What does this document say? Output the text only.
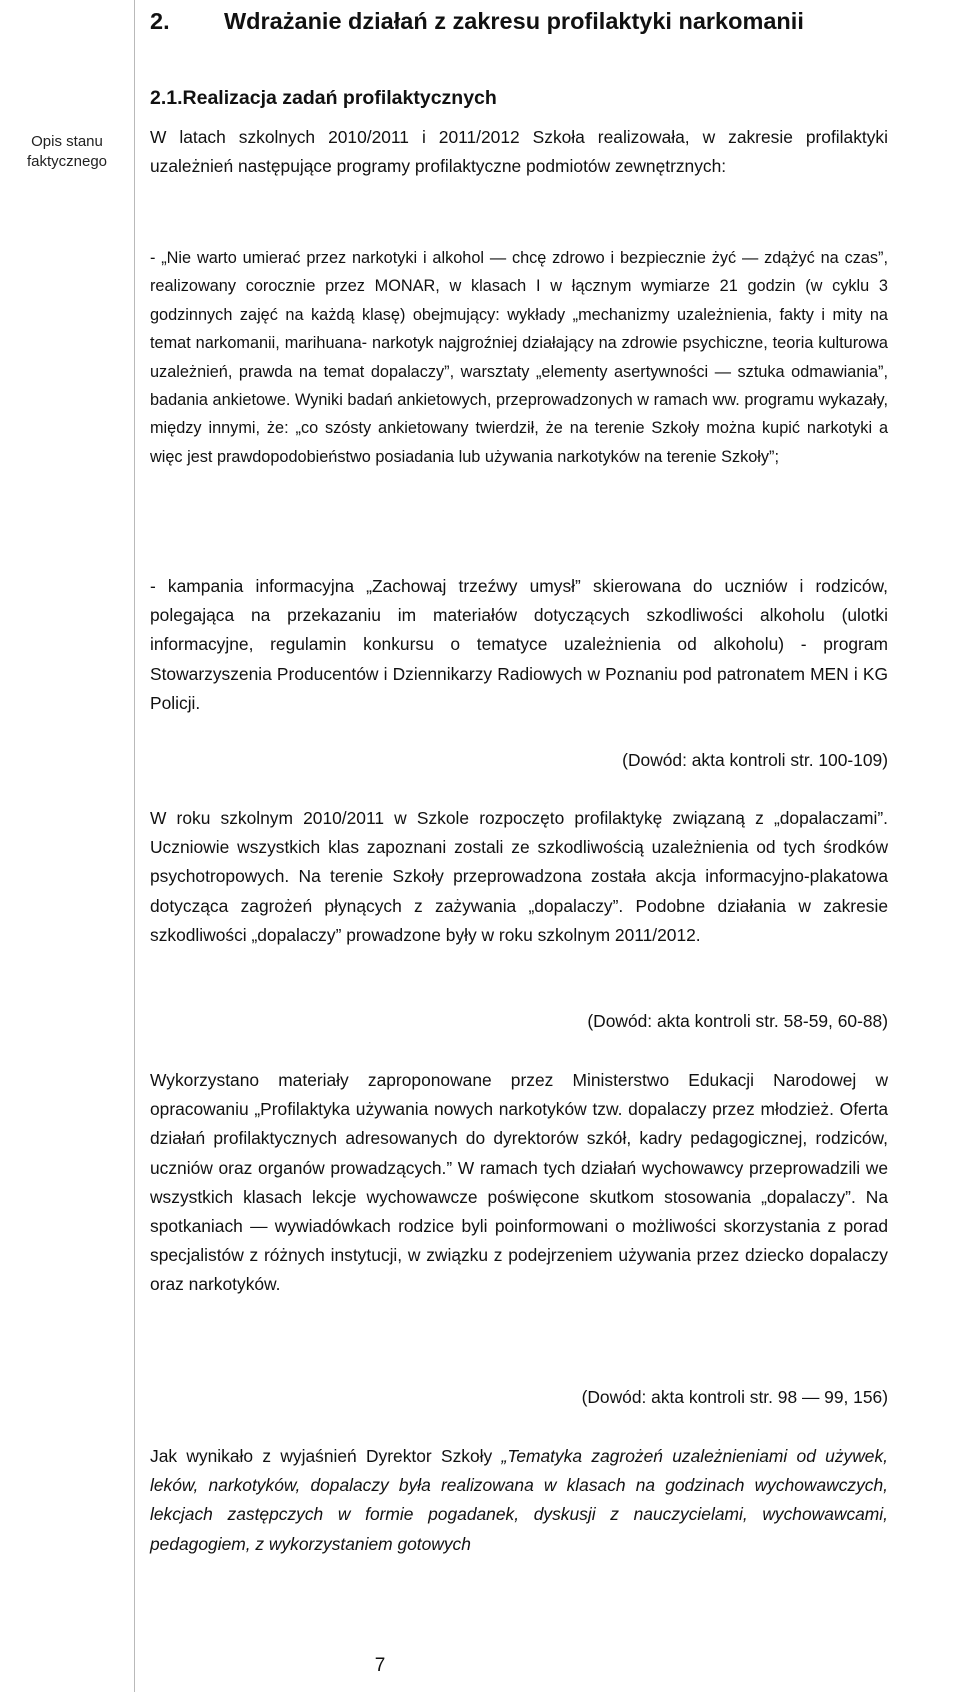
Opis stanu faktycznego
2. Wdrażanie działań z zakresu profilaktyki narkomanii
2.1.Realizacja zadań profilaktycznych

W latach szkolnych 2010/2011 i 2011/2012 Szkoła realizowała, w zakresie profilaktyki uzależnień następujące programy profilaktyczne podmiotów zewnętrznych:

- „Nie warto umierać przez narkotyki i alkohol — chcę zdrowo i bezpiecznie żyć — zdążyć na czas”, realizowany corocznie przez MONAR, w klasach I w łącznym wymiarze 21 godzin (w cyklu 3 godzinnych zajęć na każdą klasę) obejmujący: wykłady „mechanizmy uzależnienia, fakty i mity na temat narkomanii, marihuana- narkotyk najgroźniej działający na zdrowie psychiczne, teoria kulturowa uzależnień, prawda na temat dopalaczy”, warsztaty „elementy asertywności — sztuka odmawiania”, badania ankietowe. Wyniki badań ankietowych, przeprowadzonych w ramach ww. programu wykazały, między innymi, że: „co szósty ankietowany twierdził, że na terenie Szkoły można kupić narkotyki a więc jest prawdopodobieństwo posiadania lub używania narkotyków na terenie Szkoły”;

- kampania informacyjna „Zachowaj trzeźwy umysł” skierowana do uczniów i rodziców, polegająca na przekazaniu im materiałów dotyczących szkodliwości alkoholu (ulotki informacyjne, regulamin konkursu o tematyce uzależnienia od alkoholu) - program Stowarzyszenia Producentów i Dziennikarzy Radiowych w Poznaniu pod patronatem MEN i KG Policji.

(Dowód: akta kontroli str. 100-109)

W roku szkolnym 2010/2011 w Szkole rozpoczęto profilaktykę związaną z „dopalaczami”. Uczniowie wszystkich klas zapoznani zostali ze szkodliwością uzależnienia od tych środków psychotropowych. Na terenie Szkoły przeprowadzona została akcja informacyjno-plakatowa dotycząca zagrożeń płynących z zażywania „dopalaczy”. Podobne działania w zakresie szkodliwości „dopalaczy” prowadzone były w roku szkolnym 2011/2012.

(Dowód: akta kontroli str. 58-59, 60-88)

Wykorzystano materiały zaproponowane przez Ministerstwo Edukacji Narodowej w opracowaniu „Profilaktyka używania nowych narkotyków tzw. dopalaczy przez młodzież. Oferta działań profilaktycznych adresowanych do dyrektorów szkół, kadry pedagogicznej, rodziców, uczniów oraz organów prowadzących.” W ramach tych działań wychowawcy przeprowadzili we wszystkich klasach lekcje wychowawcze poświęcone skutkom stosowania „dopalaczy”. Na spotkaniach — wywiadówkach rodzice byli poinformowani o możliwości skorzystania z porad specjalistów z różnych instytucji, w związku z podejrzeniem używania przez dziecko dopalaczy oraz narkotyków.

(Dowód: akta kontroli str. 98 — 99, 156)

Jak wynikało z wyjaśnień Dyrektor Szkoły „Tematyka zagrożeń uzależnieniami od używek, leków, narkotyków, dopalaczy była realizowana w klasach na godzinach wychowawczych, lekcjach zastępczych w formie pogadanek, dyskusji z nauczycielami, wychowawcami, pedagogiem, z wykorzystaniem gotowych

7
